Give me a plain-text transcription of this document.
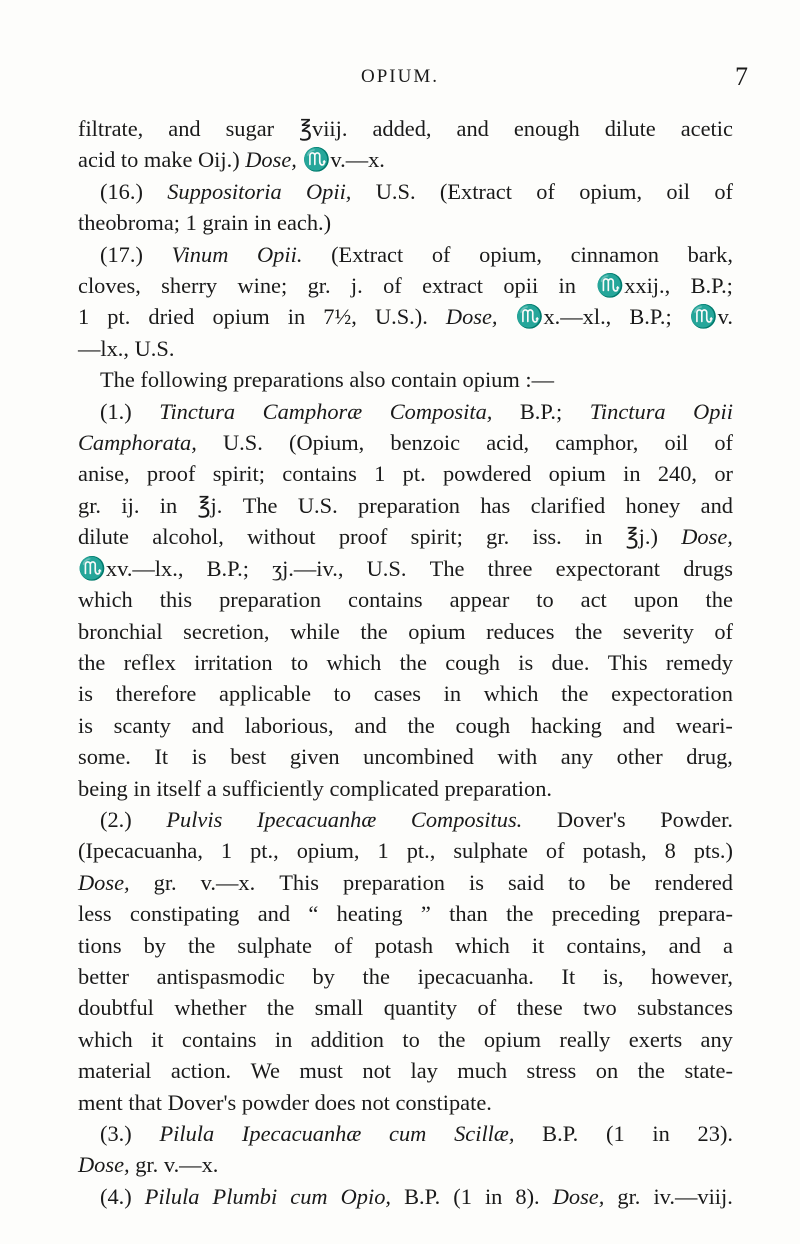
OPIUM.	7
filtrate, and sugar ℥viij. added, and enough dilute acetic
acid to make Oij.) Dose, ♏v.—x.
(16.) Suppositoria Opii, U.S. (Extract of opium, oil of
theobroma; 1 grain in each.)
(17.) Vinum Opii. (Extract of opium, cinnamon bark,
cloves, sherry wine; gr. j. of extract opii in ♏xxij., B.P.;
1 pt. dried opium in 7½, U.S.). Dose, ♏x.—xl., B.P.; ♏v.
—lx., U.S.
The following preparations also contain opium :—
(1.) Tinctura Camphoræ Composita, B.P.; Tinctura Opii
Camphorata, U.S. (Opium, benzoic acid, camphor, oil of
anise, proof spirit; contains 1 pt. powdered opium in 240, or
gr. ij. in ℥j. The U.S. preparation has clarified honey and
dilute alcohol, without proof spirit; gr. iss. in ℥j.) Dose,
♏xv.—lx., B.P.; ʒj.—iv., U.S. The three expectorant drugs
which this preparation contains appear to act upon the
bronchial secretion, while the opium reduces the severity of
the reflex irritation to which the cough is due. This remedy
is therefore applicable to cases in which the expectoration
is scanty and laborious, and the cough hacking and weari-
some. It is best given uncombined with any other drug,
being in itself a sufficiently complicated preparation.
(2.) Pulvis Ipecacuanhæ Compositus. Dover's Powder.
(Ipecacuanha, 1 pt., opium, 1 pt., sulphate of potash, 8 pts.)
Dose, gr. v.—x. This preparation is said to be rendered
less constipating and “ heating ” than the preceding prepara-
tions by the sulphate of potash which it contains, and a
better antispasmodic by the ipecacuanha. It is, however,
doubtful whether the small quantity of these two substances
which it contains in addition to the opium really exerts any
material action. We must not lay much stress on the state-
ment that Dover's powder does not constipate.
(3.) Pilula Ipecacuanhæ cum Scillæ, B.P. (1 in 23).
Dose, gr. v.—x.
(4.) Pilula Plumbi cum Opio, B.P. (1 in 8). Dose, gr. iv.—viij.
